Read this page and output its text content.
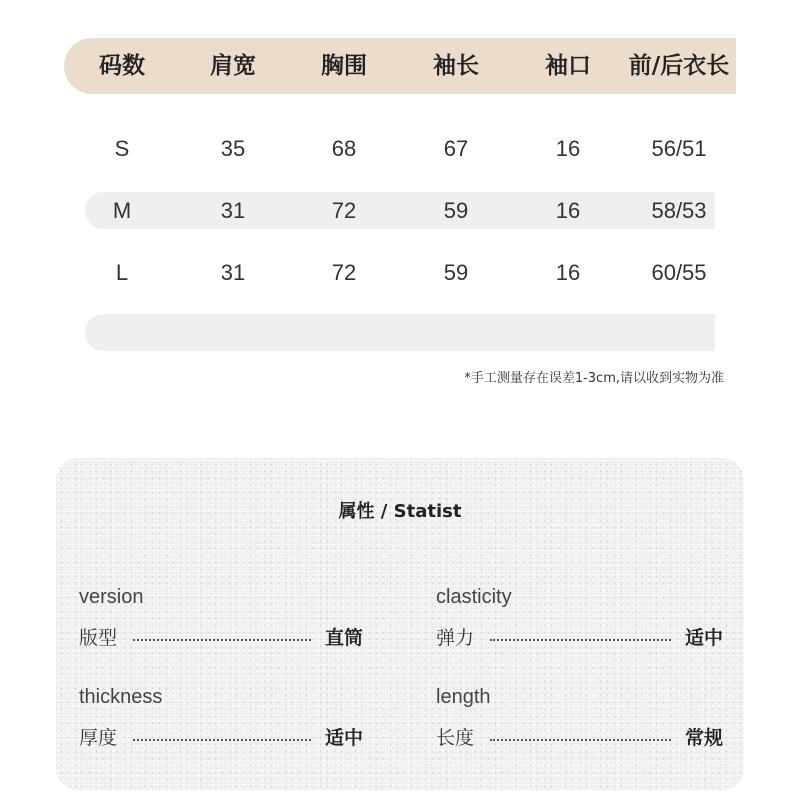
码数	肩宽	胸围	袖长	袖口	前/后衣长
S	35	68	67	16	56/51
M	31	72	59	16	58/53
L	31	72	59	16	60/55
*手工测量存在误差1-3cm,请以收到实物为准
属性 / Statist
version
版型	直筒
clasticity
弹力	适中
thickness
厚度	适中
length
长度	常规
